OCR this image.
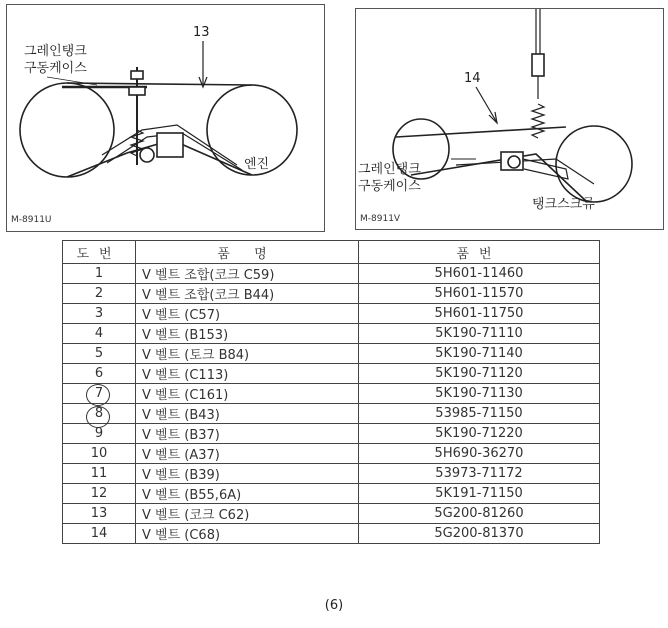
그레인탱크
구동케이스
13
엔진
M-8911U
14
그레인탱크
구동케이스
탱크스크류
M-8911V
도번	품 명	품번
1	V 벨트 조합(코크 C59)	5H601-11460
2	V 벨트 조합(코크 B44)	5H601-11570
3	V 벨트 (C57)	5H601-11750
4	V 벨트 (B153)	5K190-71110
5	V 벨트 (토크 B84)	5K190-71140
6	V 벨트 (C113)	5K190-71120
7	V 벨트 (C161)	5K190-71130
8	V 벨트 (B43)	53985-71150
9	V 벨트 (B37)	5K190-71220
10	V 벨트 (A37)	5H690-36270
11	V 벨트 (B39)	53973-71172
12	V 벨트 (B55,6A)	5K191-71150
13	V 벨트 (코크 C62)	5G200-81260
14	V 벨트 (C68)	5G200-81370
(6)
